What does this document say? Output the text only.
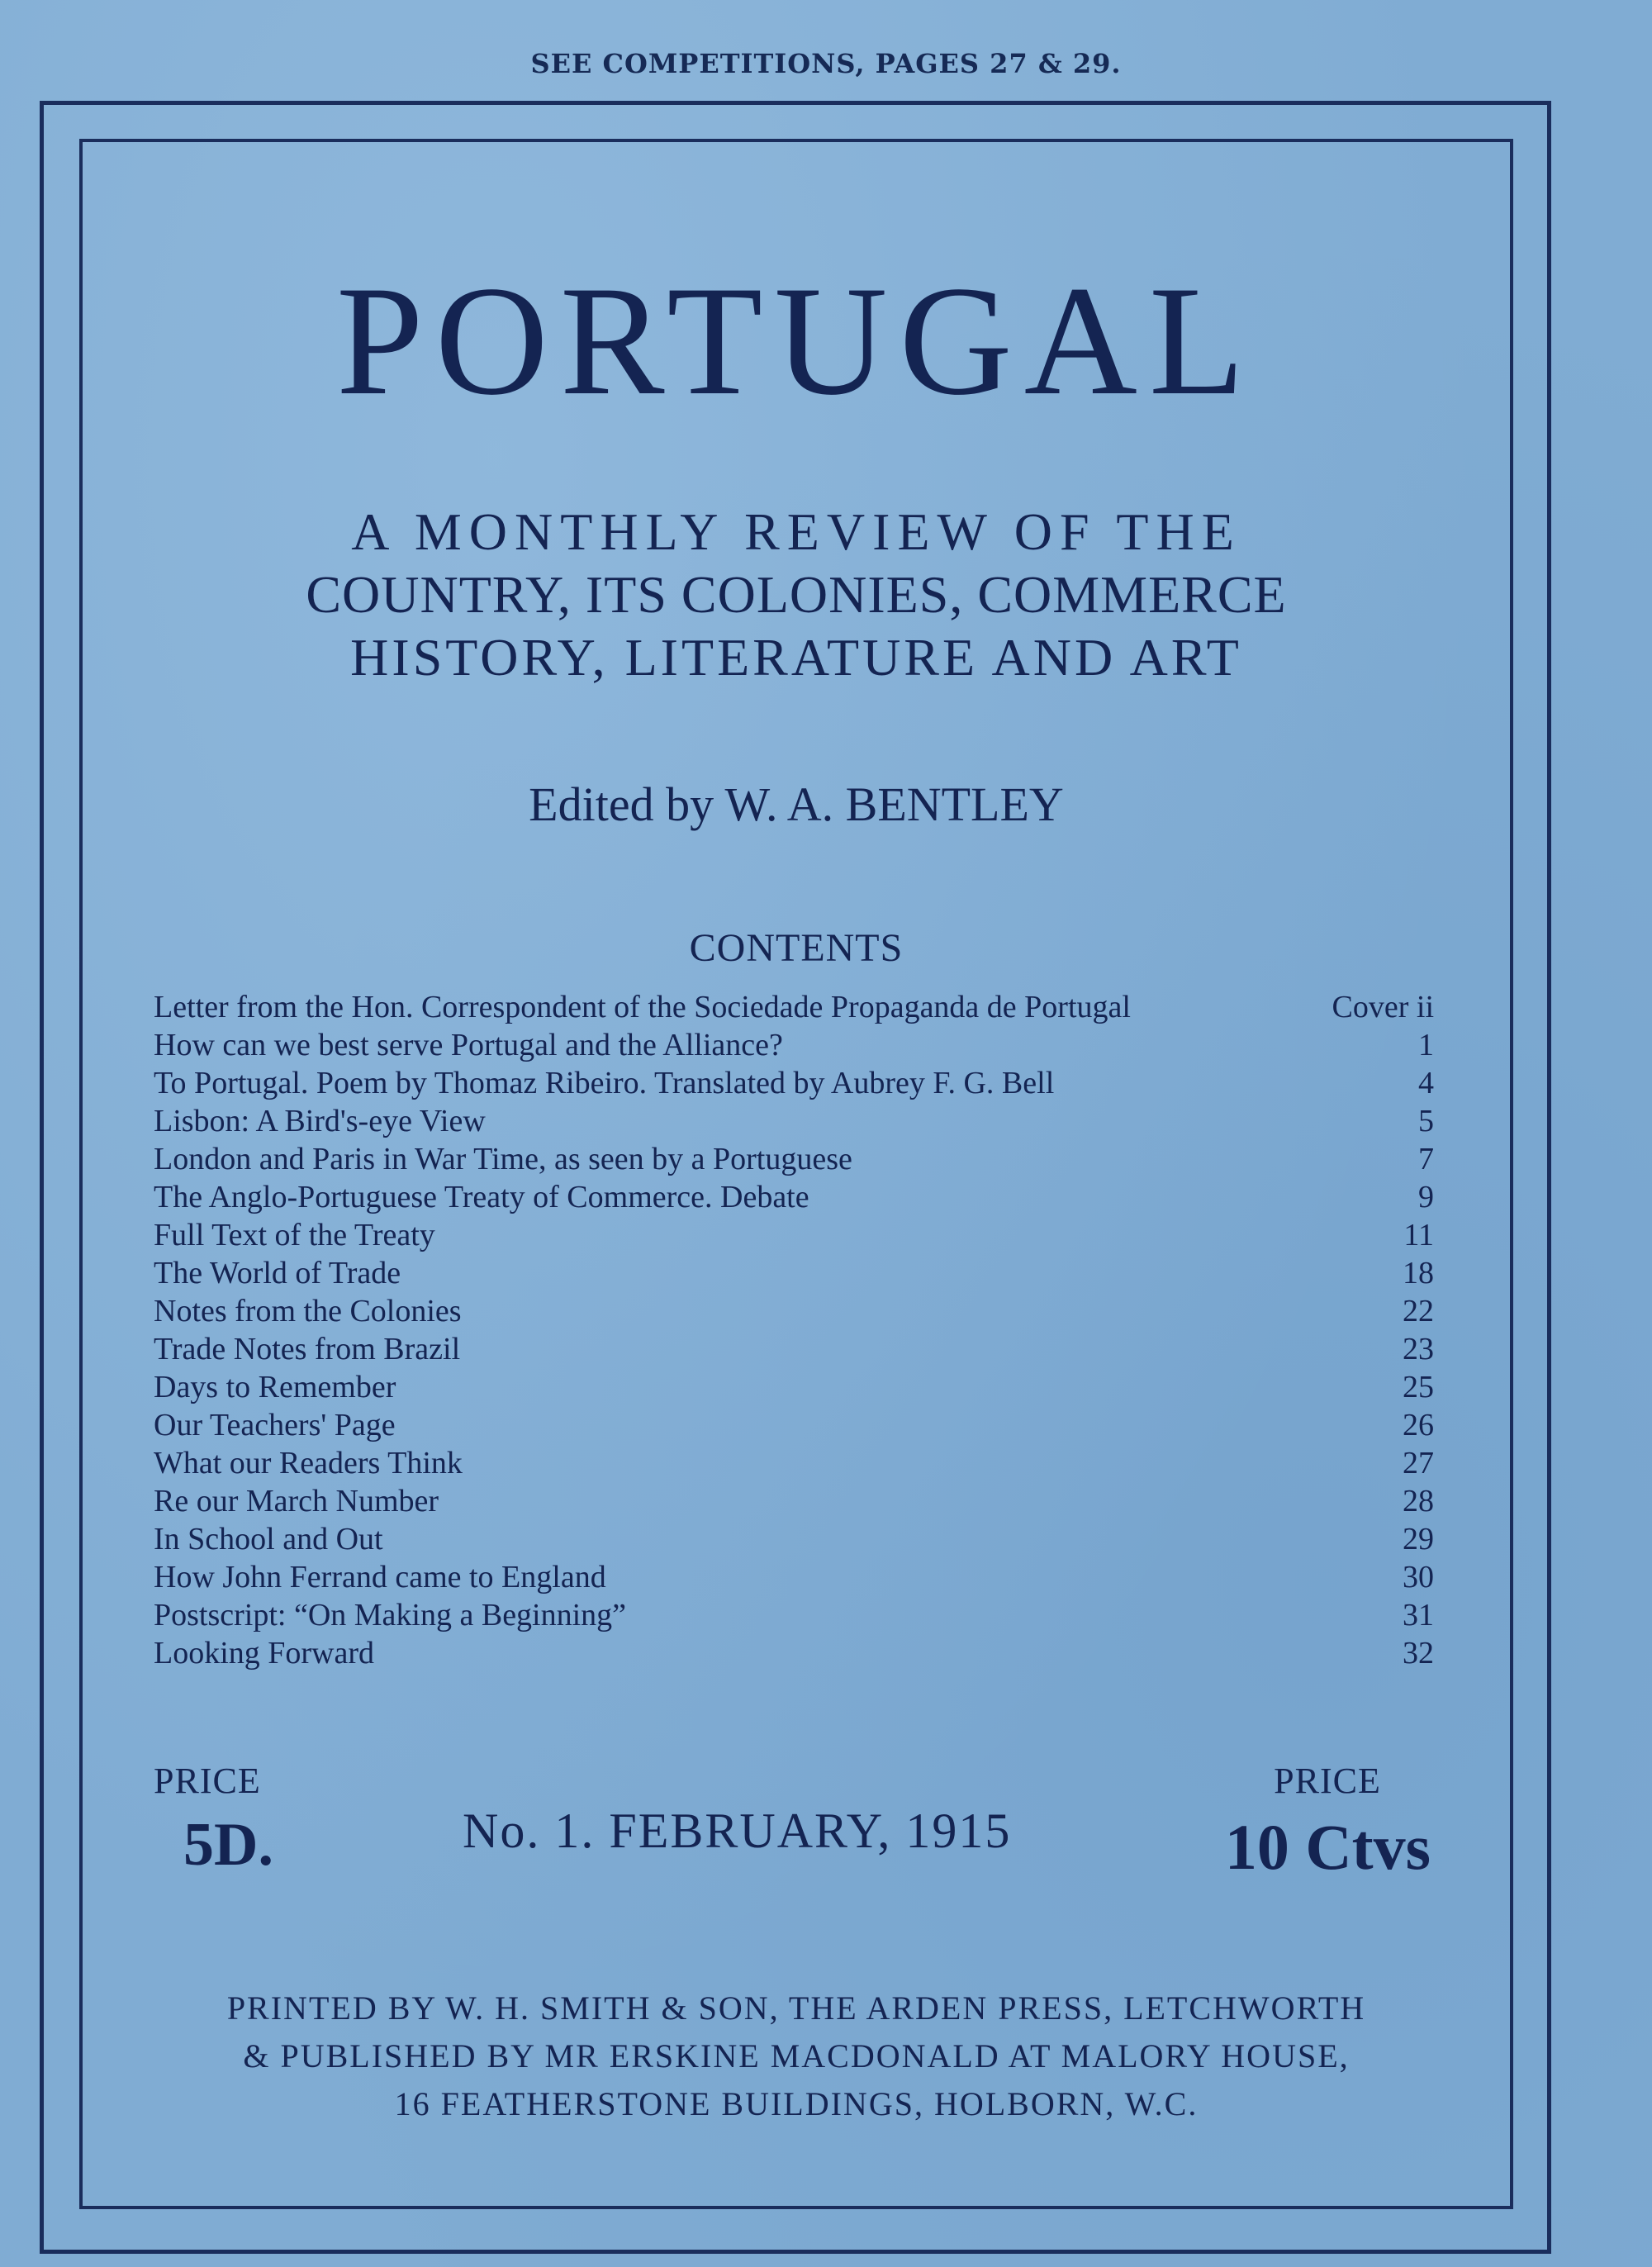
SEE COMPETITIONS, PAGES 27 & 29.
PORTUGAL
A MONTHLY REVIEW OF THE
COUNTRY, ITS COLONIES, COMMERCE
HISTORY, LITERATURE AND ART
Edited by W. A. BENTLEY
CONTENTS
Letter from the Hon. Correspondent of the Sociedade Propaganda de Portugal	Cover ii
How can we best serve Portugal and the Alliance?	1
To Portugal. Poem by Thomaz Ribeiro. Translated by Aubrey F. G. Bell	4
Lisbon: A Bird's-eye View	5
London and Paris in War Time, as seen by a Portuguese	7
The Anglo-Portuguese Treaty of Commerce. Debate	9
Full Text of the Treaty	11
The World of Trade	18
Notes from the Colonies	22
Trade Notes from Brazil	23
Days to Remember	25
Our Teachers' Page	26
What our Readers Think	27
Re our March Number	28
In School and Out	29
How John Ferrand came to England	30
Postscript: “On Making a Beginning”	31
Looking Forward	32
PRICE
5D.	No. 1. FEBRUARY, 1915
PRICE
10 Ctvs
PRINTED BY W. H. SMITH & SON, THE ARDEN PRESS, LETCHWORTH
& PUBLISHED BY MR ERSKINE MACDONALD AT MALORY HOUSE,
16 FEATHERSTONE BUILDINGS, HOLBORN, W.C.
